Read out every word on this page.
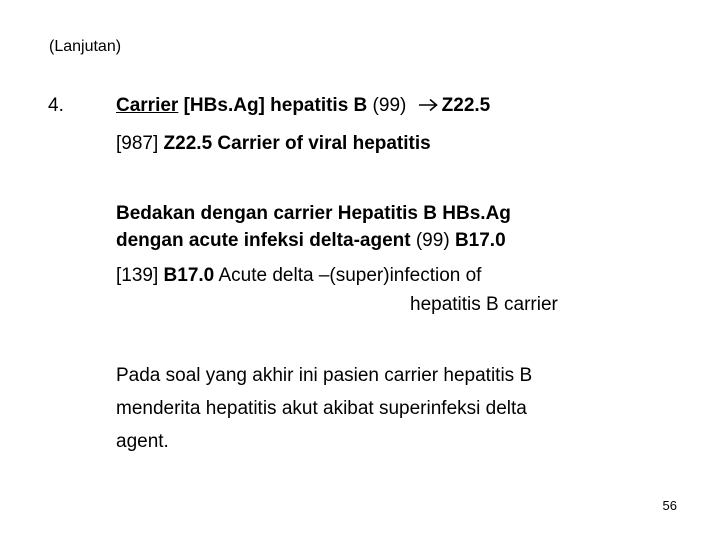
(Lanjutan)
4.	Carrier [HBs.Ag] hepatitis B (99) Z22.5
[987] Z22.5 Carrier of viral hepatitis
Bedakan dengan carrier Hepatitis B HBs.Ag
dengan acute infeksi delta-agent (99) B17.0
[139] B17.0 Acute delta –(super)infection of
hepatitis B carrier
Pada soal yang akhir ini pasien carrier hepatitis B
menderita hepatitis akut akibat superinfeksi delta
agent.
56
